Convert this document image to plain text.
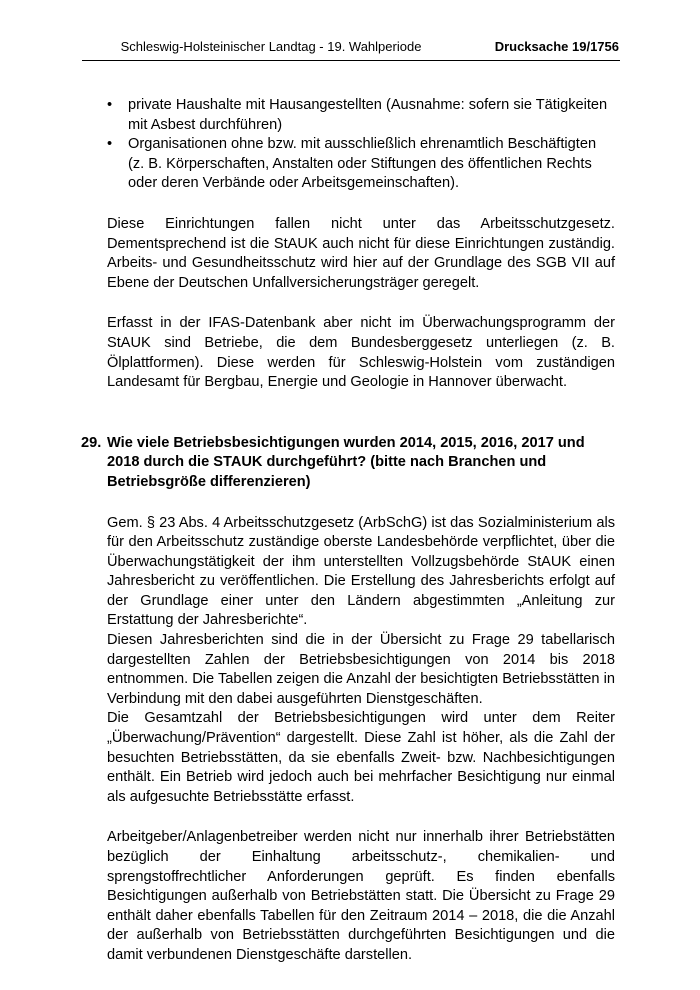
Schleswig-Holsteinischer Landtag - 19. Wahlperiode	Drucksache 19/1756
• private Haushalte mit Hausangestellten (Ausnahme: sofern sie Tätigkeiten mit Asbest durchführen)
• Organisationen ohne bzw. mit ausschließlich ehrenamtlich Beschäftigten (z. B. Körperschaften, Anstalten oder Stiftungen des öffentlichen Rechts oder deren Verbände oder Arbeitsgemeinschaften).

Diese Einrichtungen fallen nicht unter das Arbeitsschutzgesetz. Dementsprechend ist die StAUK auch nicht für diese Einrichtungen zuständig. Arbeits- und Gesundheitsschutz wird hier auf der Grundlage des SGB VII auf Ebene der Deutschen Unfallversicherungsträger geregelt.

Erfasst in der IFAS-Datenbank aber nicht im Überwachungsprogramm der StAUK sind Betriebe, die dem Bundesberggesetz unterliegen (z. B. Ölplattformen). Diese werden für Schleswig-Holstein vom zuständigen Landesamt für Bergbau, Energie und Geologie in Hannover überwacht.

29. Wie viele Betriebsbesichtigungen wurden 2014, 2015, 2016, 2017 und 2018 durch die STAUK durchgeführt? (bitte nach Branchen und Betriebsgröße differenzieren)

Gem. § 23 Abs. 4 Arbeitsschutzgesetz (ArbSchG) ist das Sozialministerium als für den Arbeitsschutz zuständige oberste Landesbehörde verpflichtet, über die Überwachungstätigkeit der ihm unterstellten Vollzugsbehörde StAUK einen Jahresbericht zu veröffentlichen. Die Erstellung des Jahresberichts erfolgt auf der Grundlage einer unter den Ländern abgestimmten „Anleitung zur Erstattung der Jahresberichte“.

Diesen Jahresberichten sind die in der Übersicht zu Frage 29 tabellarisch dargestellten Zahlen der Betriebsbesichtigungen von 2014 bis 2018 entnommen. Die Tabellen zeigen die Anzahl der besichtigten Betriebsstätten in Verbindung mit den dabei ausgeführten Dienstgeschäften.

Die Gesamtzahl der Betriebsbesichtigungen wird unter dem Reiter „Überwachung/Prävention“ dargestellt. Diese Zahl ist höher, als die Zahl der besuchten Betriebsstätten, da sie ebenfalls Zweit- bzw. Nachbesichtigungen enthält. Ein Betrieb wird jedoch auch bei mehrfacher Besichtigung nur einmal als aufgesuchte Betriebsstätte erfasst.

Arbeitgeber/Anlagenbetreiber werden nicht nur innerhalb ihrer Betriebstätten bezüglich der Einhaltung arbeitsschutz-, chemikalien- und sprengstoffrechtlicher Anforderungen geprüft. Es finden ebenfalls Besichtigungen außerhalb von Betriebstätten statt. Die Übersicht zu Frage 29 enthält daher ebenfalls Tabellen für den Zeitraum 2014 – 2018, die die Anzahl der außerhalb von Betriebsstätten durchgeführten Besichtigungen und die damit verbundenen Dienstgeschäfte darstellen.
